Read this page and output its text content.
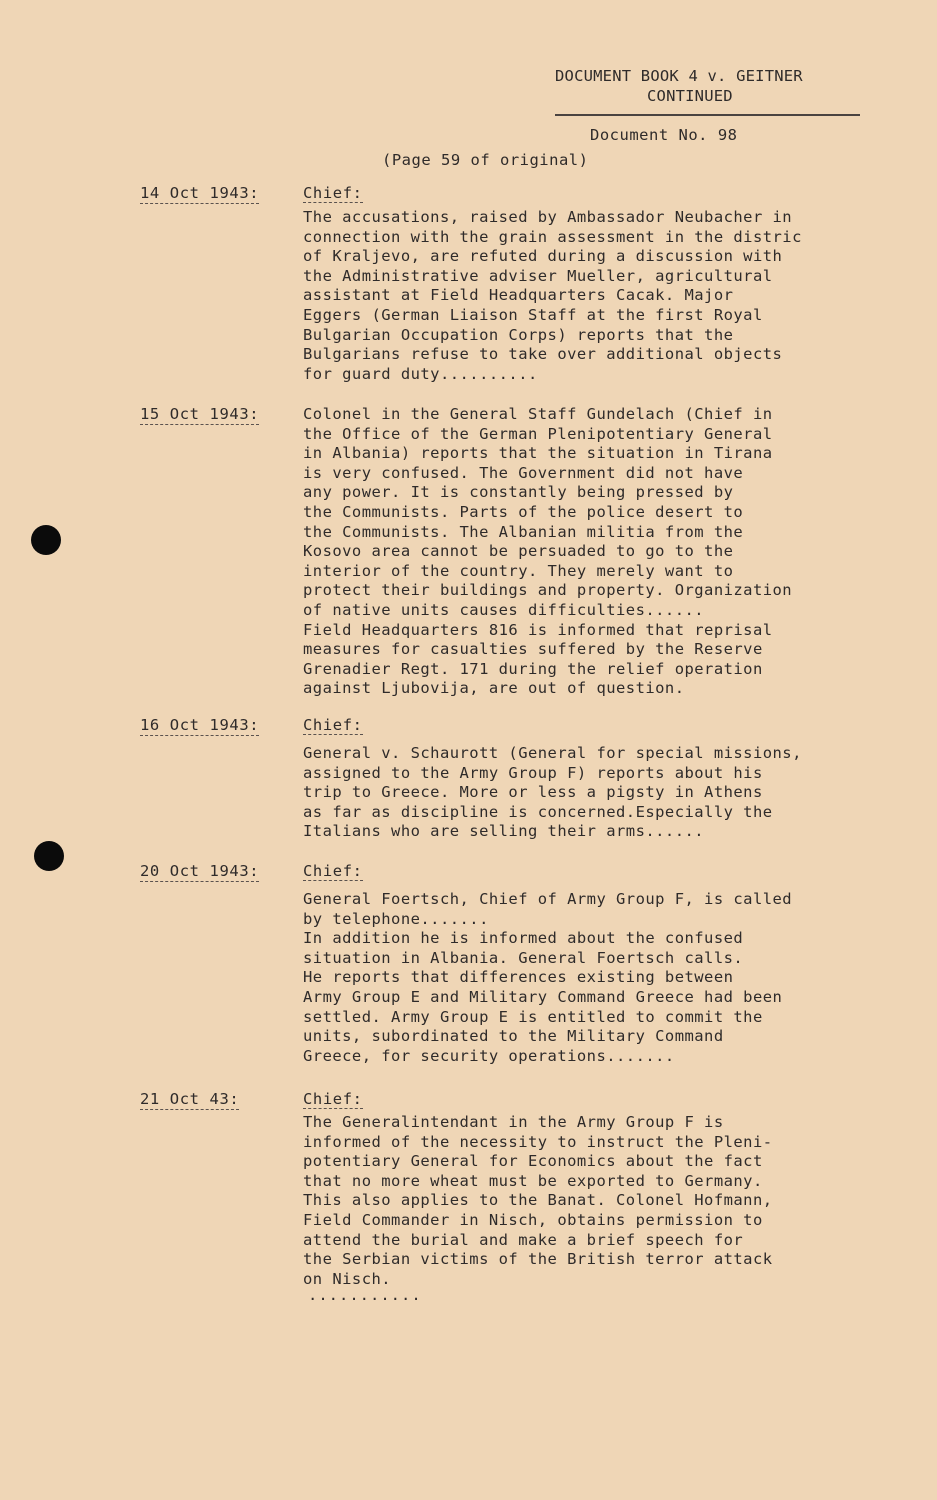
DOCUMENT BOOK 4 v. GEITNER
CONTINUED
Document No. 98
(Page 59 of original)
14 Oct 1943:	Chief:
The accusations, raised by Ambassador Neubacher in
connection with the grain assessment in the distric
of Kraljevo, are refuted during a discussion with
the Administrative adviser Mueller, agricultural
assistant at Field Headquarters Cacak. Major
Eggers (German Liaison Staff at the first Royal
Bulgarian Occupation Corps) reports that the
Bulgarians refuse to take over additional objects
for guard duty..........
15 Oct 1943:	Colonel in the General Staff Gundelach (Chief in
the Office of the German Plenipotentiary General
in Albania) reports that the situation in Tirana
is very confused. The Government did not have
any power. It is constantly being pressed by
the Communists. Parts of the police desert to
the Communists. The Albanian militia from the
Kosovo area cannot be persuaded to go to the
interior of the country. They merely want to
protect their buildings and property. Organization
of native units causes difficulties......
Field Headquarters 816 is informed that reprisal
measures for casualties suffered by the Reserve
Grenadier Regt. 171 during the relief operation
against Ljubovija, are out of question.
16 Oct 1943:	Chief:
General v. Schaurott (General for special missions,
assigned to the Army Group F) reports about his
trip to Greece. More or less a pigsty in Athens
as far as discipline is concerned.Especially the
Italians who are selling their arms......
20 Oct 1943:	Chief:
General Foertsch, Chief of Army Group F, is called
by telephone.......
In addition he is informed about the confused
situation in Albania. General Foertsch calls.
He reports that differences existing between
Army Group E and Military Command Greece had been
settled. Army Group E is entitled to commit the
units, subordinated to the Military Command
Greece, for security operations.......
21 Oct 43:	Chief:
The Generalintendant in the Army Group F is
informed of the necessity to instruct the Pleni-
potentiary General for Economics about the fact
that no more wheat must be exported to Germany.
This also applies to the Banat. Colonel Hofmann,
Field Commander in Nisch, obtains permission to
attend the burial and make a brief speech for
the Serbian victims of the British terror attack
on Nisch.
...........
